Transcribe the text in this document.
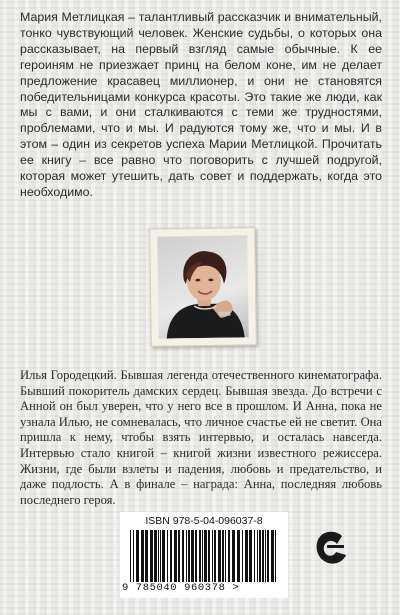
Мария Метлицкая – талантливый рассказчик и внимательный, тонко чувствующий человек. Женские судьбы, о которых она рассказывает, на первый взгляд самые обычные. К ее героиням не приезжает принц на белом коне, им не делает предложение красавец миллионер, и они не становятся победительницами конкурса красоты. Это такие же люди, как мы с вами, и они сталкиваются с теми же трудностями, проблемами, что и мы. И радуются тому же, что и мы. И в этом – один из секретов успеха Марии Метлицкой. Прочитать ее книгу – все равно что поговорить с лучшей подругой, которая может утешить, дать совет и поддержать, когда это необходимо.

Илья Городецкий. Бывшая легенда отечественного кинематографа. Бывший покоритель дамских сердец. Бывшая звезда. До встречи с Анной он был уверен, что у него все в прошлом. И Анна, пока не узнала Илью, не сомневалась, что личное счастье ей не светит. Она пришла к нему, чтобы взять интервью, и осталась навсегда. Интервью стало книгой – книгой жизни известного режиссера. Жизни, где были взлеты и падения, любовь и предательство, и даже подлость. А в финале – награда: Анна, последняя любовь последнего героя.

ISBN 978-5-04-096037-8
9 785040 960378 >
